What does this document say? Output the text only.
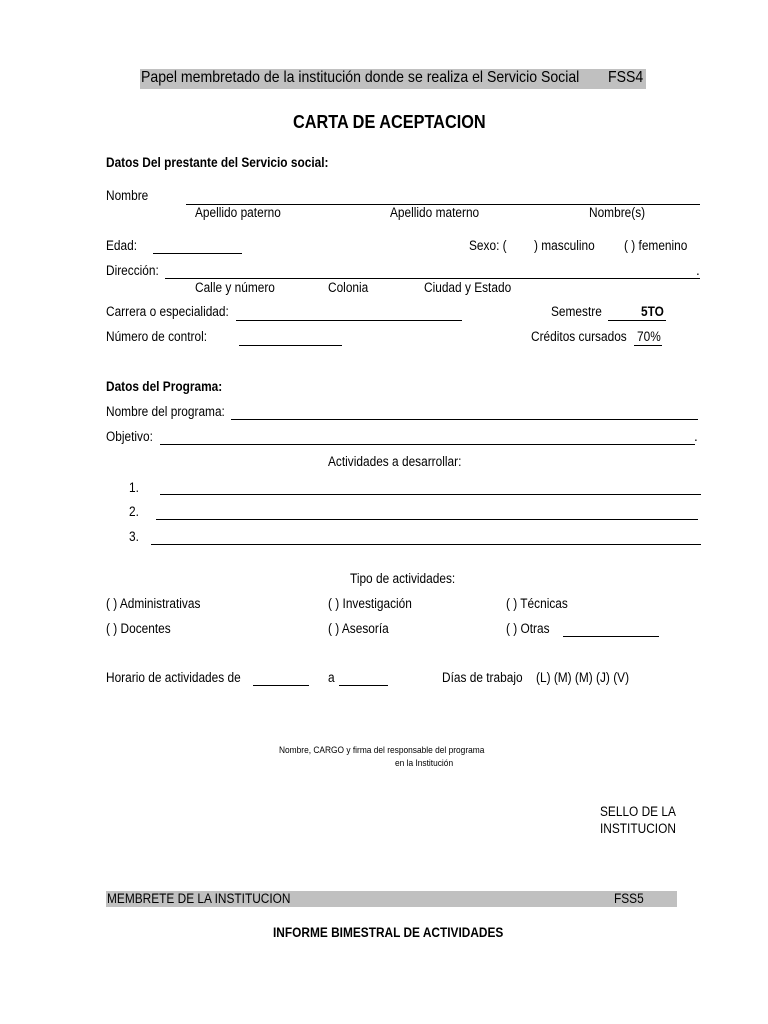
Papel membretado de la institución donde se realiza el Servicio Social FSS4
CARTA DE ACEPTACION
Datos Del prestante del Servicio social:
Nombre
Apellido paterno	Apellido materno	Nombre(s)
Edad:	Sexo: ( ) masculino ( ) femenino
Dirección:	.
Calle y número	Colonia	Ciudad y Estado
Carrera o especialidad:	Semestre	5TO
Número de control:	Créditos cursados 70%
Datos del Programa:
Nombre del programa:
Objetivo:	.
Actividades a desarrollar:
1.
2.
3.
Tipo de actividades:
( ) Administrativas	( ) Investigación	( ) Técnicas
( ) Docentes	( ) Asesoría	( ) Otras
Horario de actividades de	a	Días de trabajo (L) (M) (M) (J) (V)
Nombre, CARGO y firma del responsable del programa
en la Institución
SELLO DE LA
INSTITUCION
MEMBRETE DE LA INSTITUCION	FSS5
INFORME BIMESTRAL DE ACTIVIDADES
